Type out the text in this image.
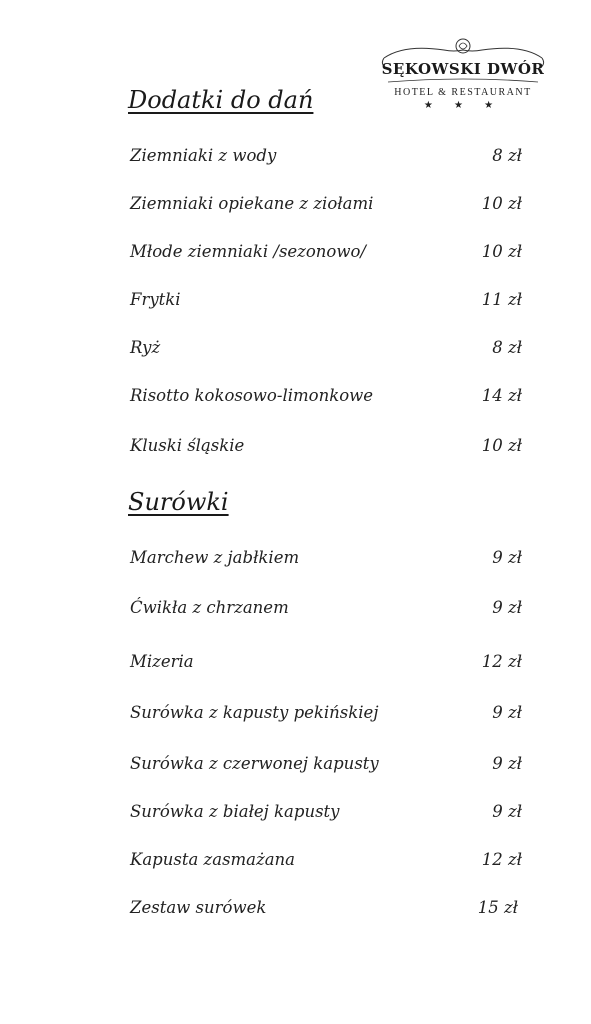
SĘKOWSKI DWÓR
HOTEL & RESTAURANT
★ ★ ★
Dodatki do dań
Ziemniaki z wody	8 zł
Ziemniaki opiekane z ziołami	10 zł
Młode ziemniaki /sezonowo/	10 zł
Frytki	11 zł
Ryż	8 zł
Risotto kokosowo-limonkowe	14 zł
Kluski śląskie	10 zł
Surówki
Marchew z jabłkiem	9 zł
Ćwikła z chrzanem	9 zł
Mizeria	12 zł
Surówka z kapusty pekińskiej	9 zł
Surówka z czerwonej kapusty	9 zł
Surówka z białej kapusty	9 zł
Kapusta zasmażana	12 zł
Zestaw surówek	15 zł
